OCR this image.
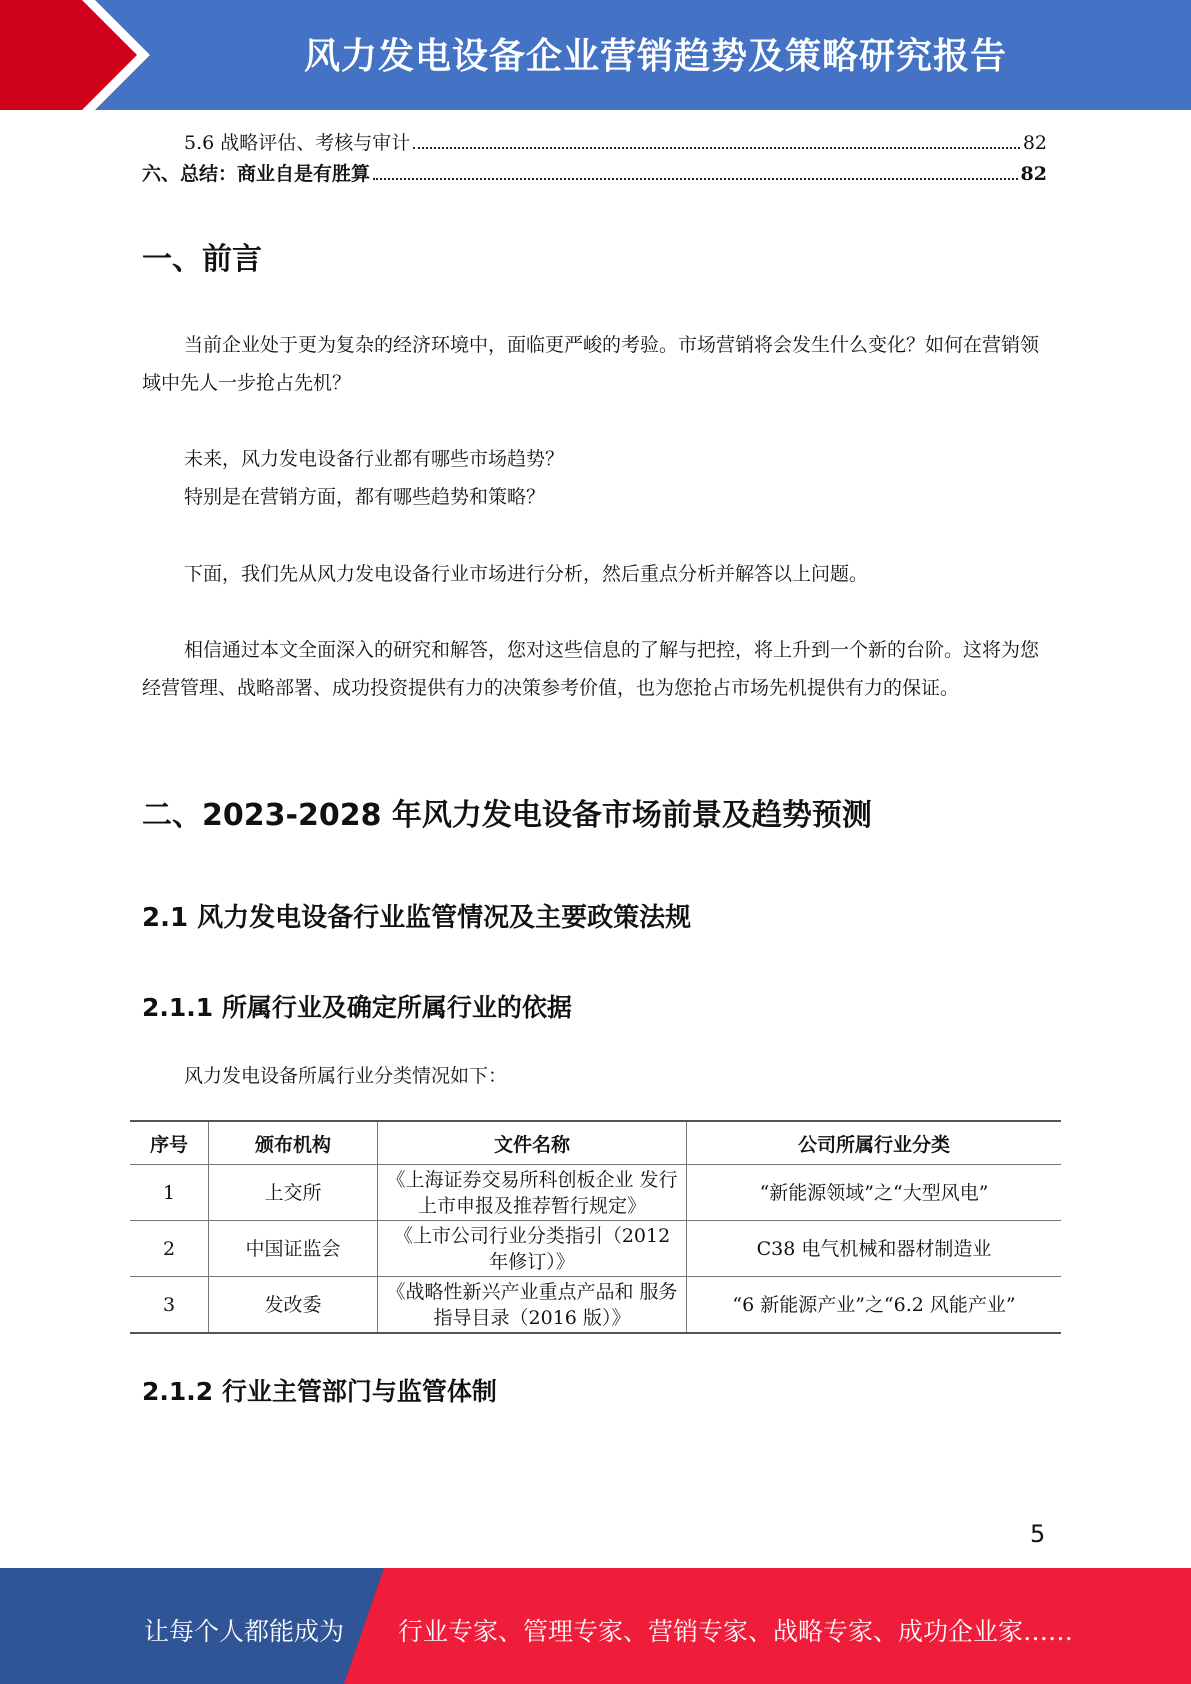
风力发电设备企业营销趋势及策略研究报告
5.6 战略评估、考核与审计	82
六、总结：商业自是有胜算	82
一、前言

当前企业处于更为复杂的经济环境中，面临更严峻的考验。市场营销将会发生什么变化？如何在营销领域中先人一步抢占先机？

未来，风力发电设备行业都有哪些市场趋势？

特别是在营销方面，都有哪些趋势和策略？

下面，我们先从风力发电设备行业市场进行分析，然后重点分析并解答以上问题。

相信通过本文全面深入的研究和解答，您对这些信息的了解与把控，将上升到一个新的台阶。这将为您经营管理、战略部署、成功投资提供有力的决策参考价值，也为您抢占市场先机提供有力的保证。

二、2023-2028 年风力发电设备市场前景及趋势预测
2.1 风力发电设备行业监管情况及主要政策法规
2.1.1 所属行业及确定所属行业的依据

风力发电设备所属行业分类情况如下：

序号	颁布机构	文件名称	公司所属行业分类
1	上交所	《上海证券交易所科创板企业 发行上市申报及推荐暂行规定》	“新能源领域”之“大型风电”
2	中国证监会	《上市公司行业分类指引（2012 年修订）》	C38 电气机械和器材制造业
3	发改委	《战略性新兴产业重点产品和 服务指导目录（2016 版）》	“6 新能源产业”之“6.2 风能产业”
2.1.2 行业主管部门与监管体制
5
让每个人都能成为 行业专家、管理专家、营销专家、战略专家、成功企业家……
